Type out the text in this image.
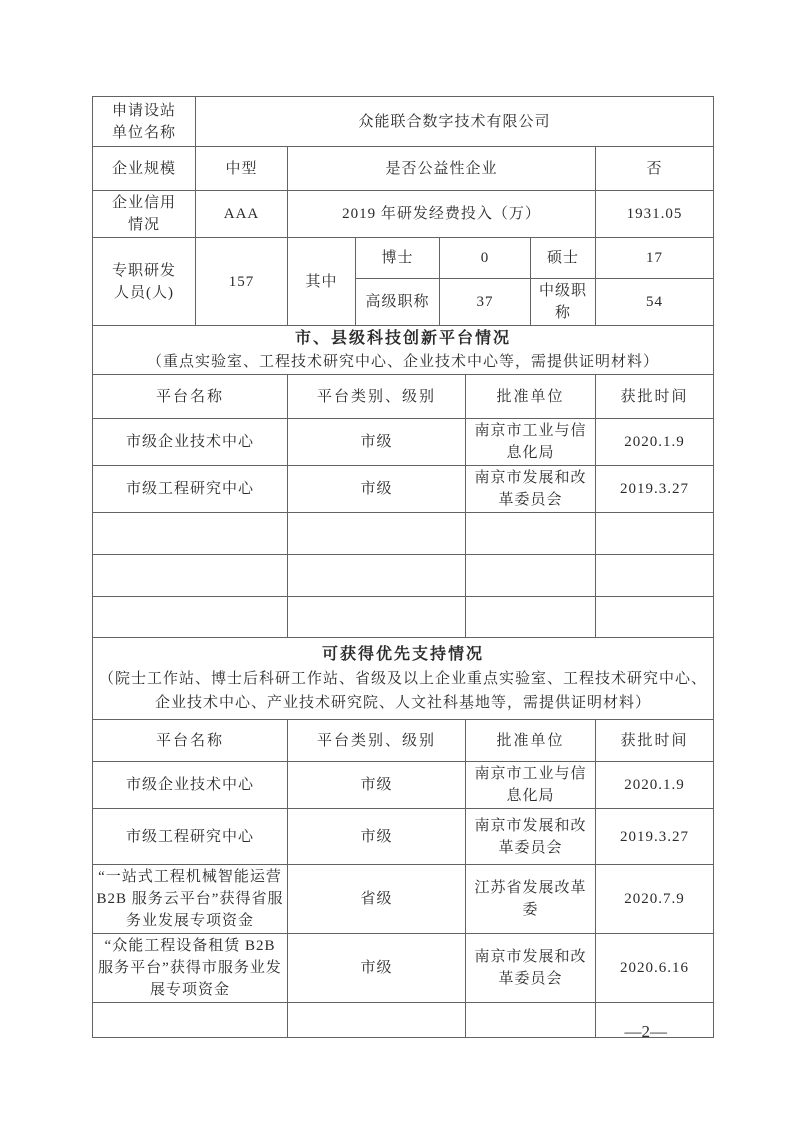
申请设站单位名称	众能联合数字技术有限公司						
企业规模	中型	是否公益性企业					否
企业信用情况	AAA	2019 年研发经费投入（万）					1931.05
专职研发人员(人)	157	其中	博士	0		硕士	17
			高级职称	37		中级职称	54

市、县级科技创新平台情况
（重点实验室、工程技术研究中心、企业技术中心等，需提供证明材料）							

平台名称		平台类别、级别			批准单位		获批时间
市级企业技术中心		市级			南京市工业与信息化局		2020.1.9
市级工程研究中心		市级			南京市发展和改革委员会		2019.3.27

可获得优先支持情况
（院士工作站、博士后科研工作站、省级及以上企业重点实验室、工程技术研究中心、企业技术中心、产业技术研究院、人文社科基地等，需提供证明材料）							

平台名称		平台类别、级别			批准单位		获批时间
市级企业技术中心		市级			南京市工业与信息化局		2020.1.9
市级工程研究中心		市级			南京市发展和改革委员会		2019.3.27
“一站式工程机械智能运营 B2B 服务云平台”获得省服务业发展专项资金		省级			江苏省发展改革委		2020.7.9
“众能工程设备租赁 B2B 服务平台”获得市服务业发展专项资金		市级			南京市发展和改革委员会		2020.6.16

—2—
